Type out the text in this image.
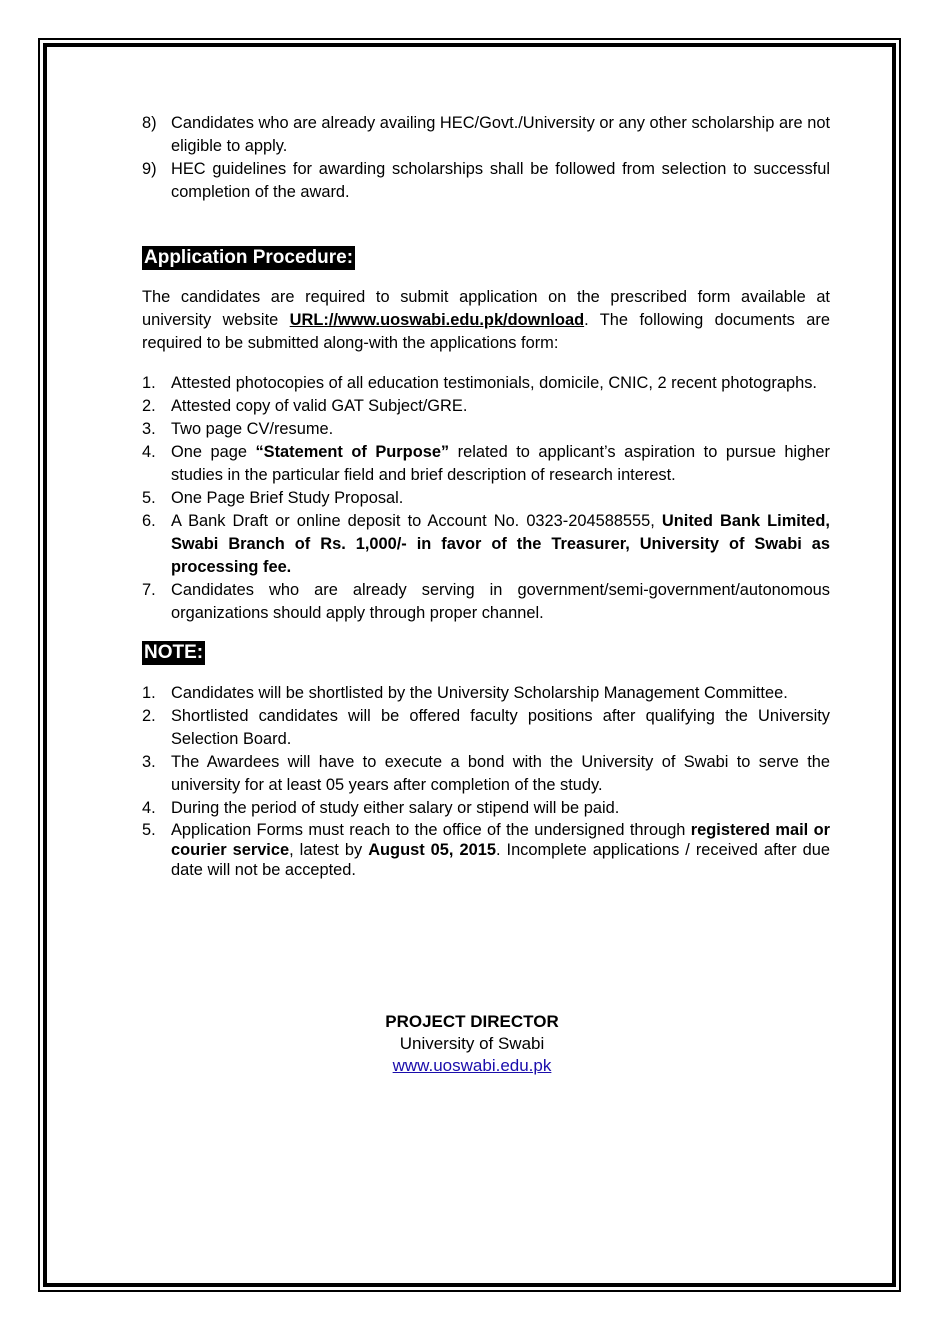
8) Candidates who are already availing HEC/Govt./University or any other scholarship are not eligible to apply.
9) HEC guidelines for awarding scholarships shall be followed from selection to successful completion of the award.
Application Procedure:

The candidates are required to submit application on the prescribed form available at university website URL://www.uoswabi.edu.pk/download. The following documents are required to be submitted along-with the applications form:

1. Attested photocopies of all education testimonials, domicile, CNIC, 2 recent photographs.
2. Attested copy of valid GAT Subject/GRE.
3. Two page CV/resume.
4. One page “Statement of Purpose” related to applicant’s aspiration to pursue higher studies in the particular field and brief description of research interest.
5. One Page Brief Study Proposal.
6. A Bank Draft or online deposit to Account No. 0323-204588555, United Bank Limited, Swabi Branch of Rs. 1,000/- in favor of the Treasurer, University of Swabi as processing fee.
7. Candidates who are already serving in government/semi-government/autonomous organizations should apply through proper channel.
NOTE:
1. Candidates will be shortlisted by the University Scholarship Management Committee.
2. Shortlisted candidates will be offered faculty positions after qualifying the University Selection Board.
3. The Awardees will have to execute a bond with the University of Swabi to serve the university for at least 05 years after completion of the study.
4. During the period of study either salary or stipend will be paid.
5. Application Forms must reach to the office of the undersigned through registered mail or courier service, latest by August 05, 2015. Incomplete applications / received after due date will not be accepted.
PROJECT DIRECTOR
University of Swabi
www.uoswabi.edu.pk
